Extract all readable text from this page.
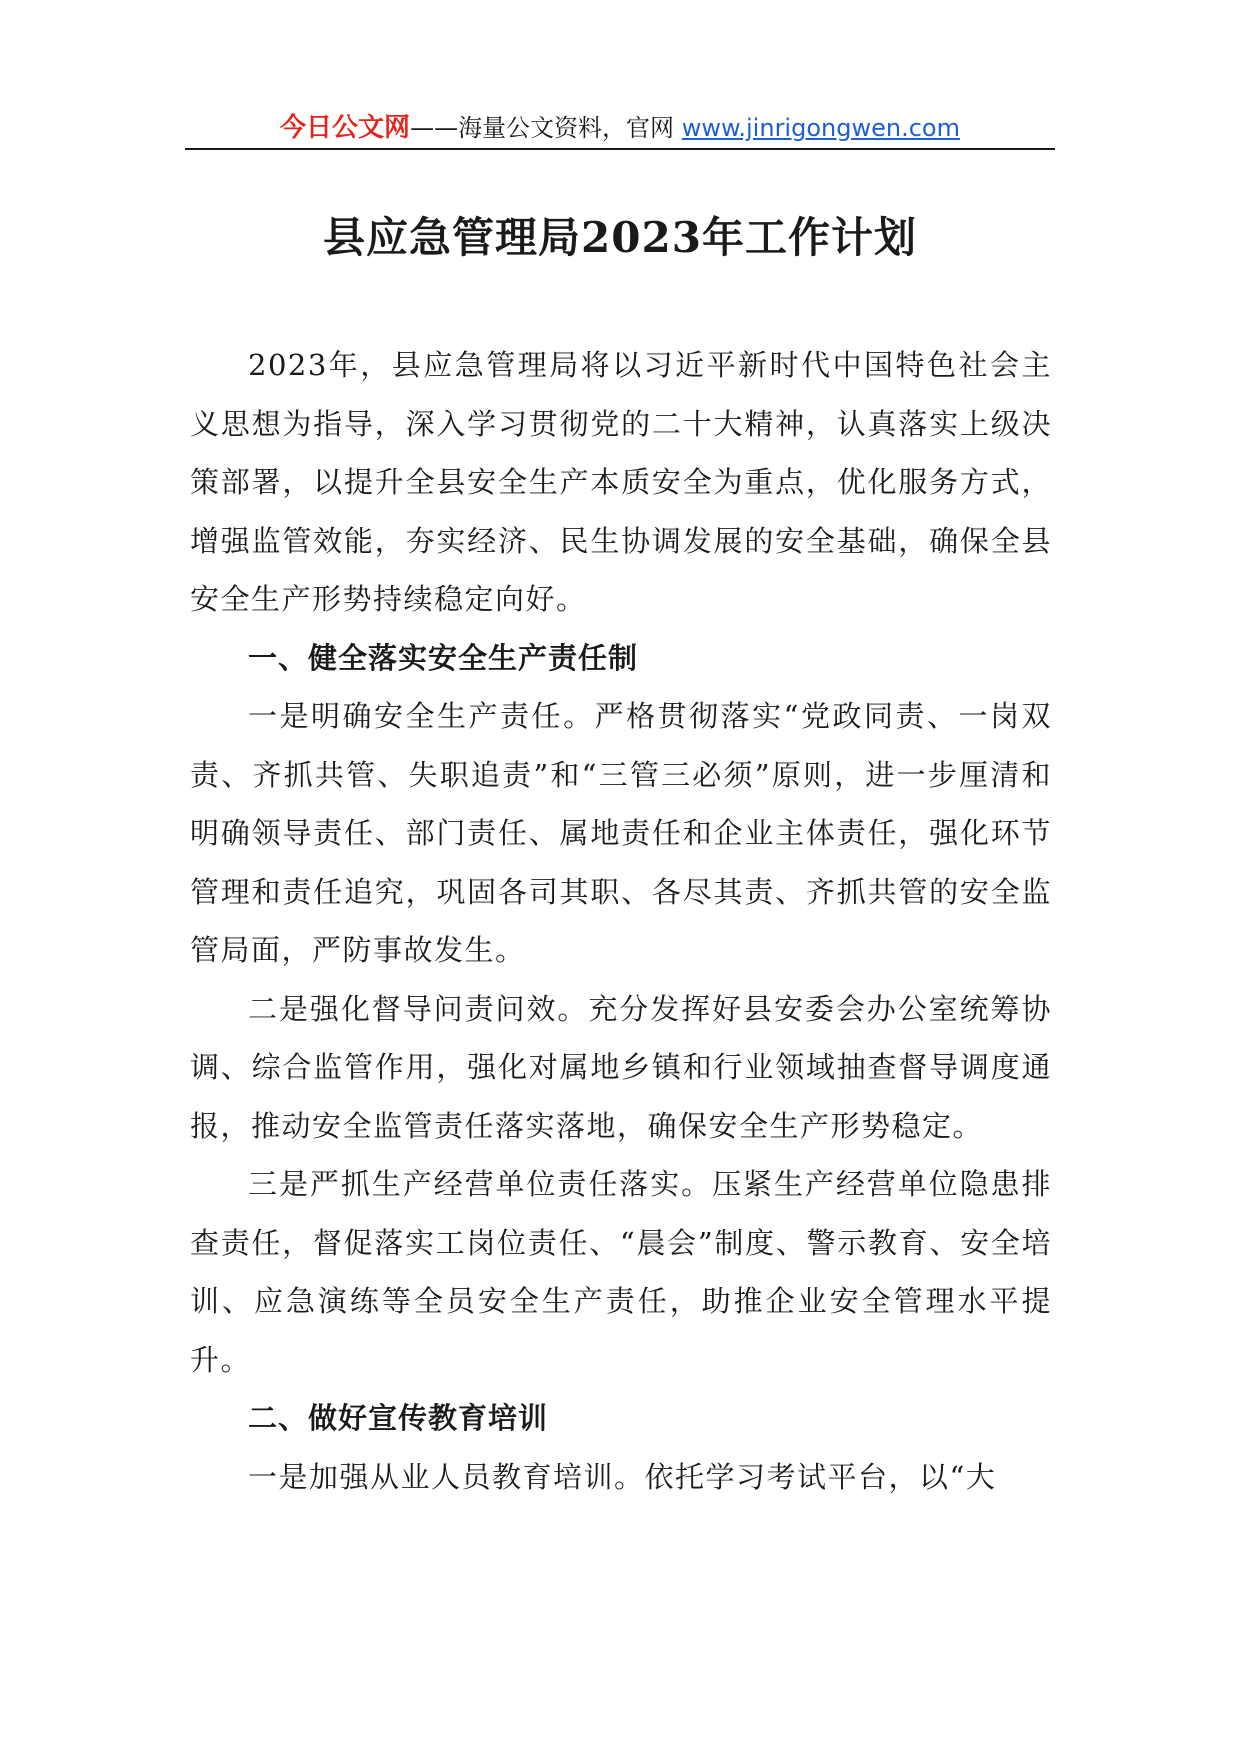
今日公文网——海量公文资料，官网 www.jinrigongwen.com
县应急管理局2023年工作计划

2023年，县应急管理局将以习近平新时代中国特色社会主义思想为指导，深入学习贯彻党的二十大精神，认真落实上级决策部署，以提升全县安全生产本质安全为重点，优化服务方式，增强监管效能，夯实经济、民生协调发展的安全基础，确保全县安全生产形势持续稳定向好。

一、健全落实安全生产责任制

一是明确安全生产责任。严格贯彻落实“党政同责、一岗双责、齐抓共管、失职追责”和“三管三必须”原则，进一步厘清和明确领导责任、部门责任、属地责任和企业主体责任，强化环节管理和责任追究，巩固各司其职、各尽其责、齐抓共管的安全监管局面，严防事故发生。

二是强化督导问责问效。充分发挥好县安委会办公室统筹协调、综合监管作用，强化对属地乡镇和行业领域抽查督导调度通报，推动安全监管责任落实落地，确保安全生产形势稳定。

三是严抓生产经营单位责任落实。压紧生产经营单位隐患排查责任，督促落实工岗位责任、“晨会”制度、警示教育、安全培训、应急演练等全员安全生产责任，助推企业安全管理水平提升。

二、做好宣传教育培训

一是加强从业人员教育培训。依托学习考试平台，以“大
